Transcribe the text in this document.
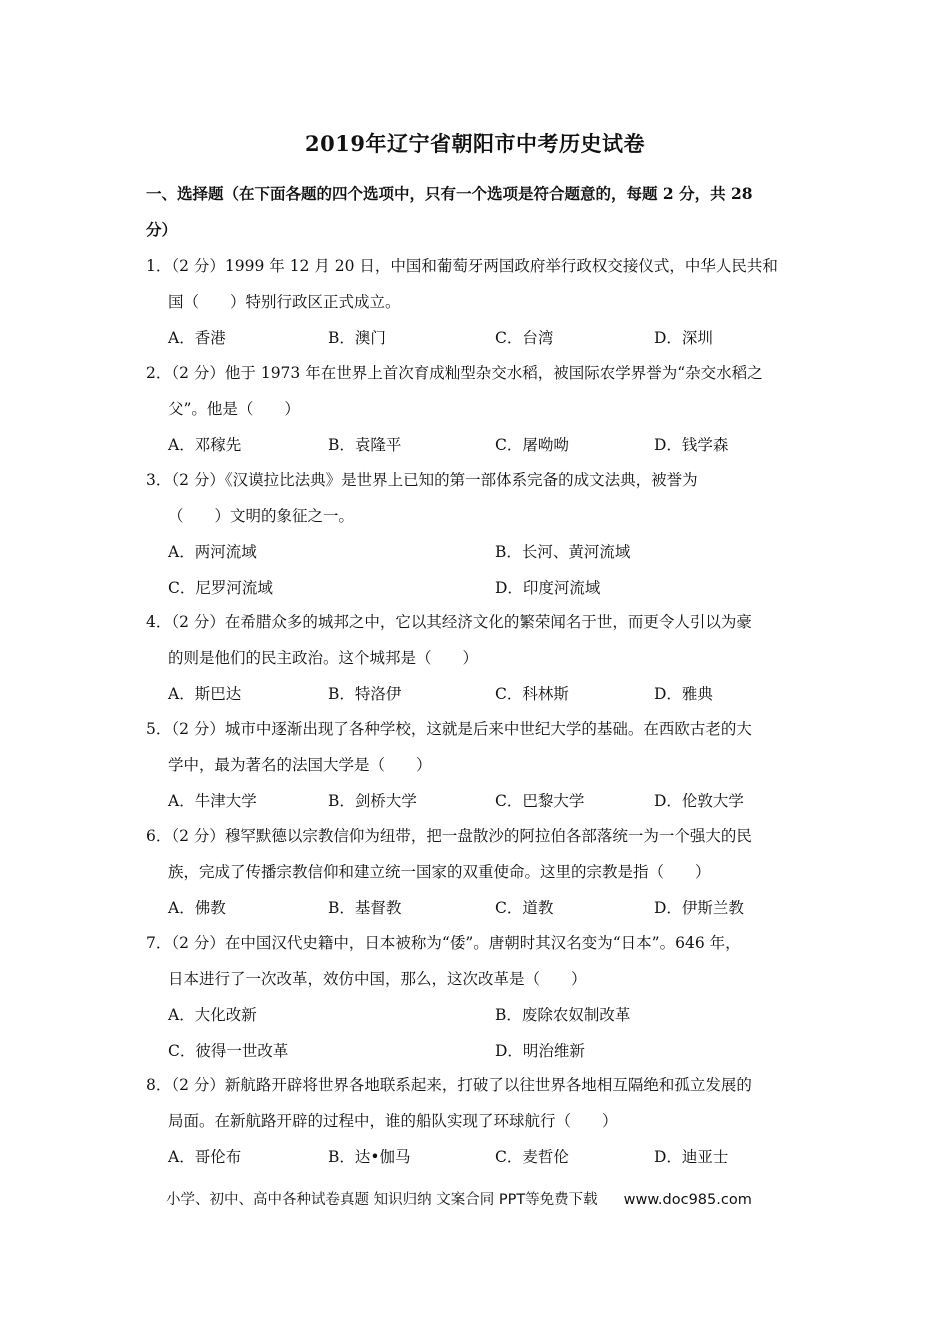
2019年辽宁省朝阳市中考历史试卷
一、选择题（在下面各题的四个选项中，只有一个选项是符合题意的，每题 2 分，共 28
分）
1．（2 分）1999 年 12 月 20 日，中国和葡萄牙两国政府举行政权交接仪式，中华人民共和
国（　　）特别行政区正式成立。
A．香港	B．澳门	C．台湾	D．深圳
2．（2 分）他于 1973 年在世界上首次育成籼型杂交水稻，被国际农学界誉为“杂交水稻之
父”。他是（　　）
A．邓稼先	B．袁隆平	C．屠呦呦	D．钱学森
3．（2 分）《汉谟拉比法典》是世界上已知的第一部体系完备的成文法典，被誉为
（　　）文明的象征之一。
A．两河流域	B．长河、黄河流域
C．尼罗河流域	D．印度河流域
4．（2 分）在希腊众多的城邦之中，它以其经济文化的繁荣闻名于世，而更令人引以为豪
的则是他们的民主政治。这个城邦是（　　）
A．斯巴达	B．特洛伊	C．科林斯	D．雅典
5．（2 分）城市中逐渐出现了各种学校，这就是后来中世纪大学的基础。在西欧古老的大
学中，最为著名的法国大学是（　　）
A．牛津大学	B．剑桥大学	C．巴黎大学	D．伦敦大学
6．（2 分）穆罕默德以宗教信仰为纽带，把一盘散沙的阿拉伯各部落统一为一个强大的民
族，完成了传播宗教信仰和建立统一国家的双重使命。这里的宗教是指（　　）
A．佛教	B．基督教	C．道教	D．伊斯兰教
7．（2 分）在中国汉代史籍中，日本被称为“倭”。唐朝时其汉名变为“日本”。646 年，
日本进行了一次改革，效仿中国，那么，这次改革是（　　）
A．大化改新	B．废除农奴制改革
C．彼得一世改革	D．明治维新
8．（2 分）新航路开辟将世界各地联系起来，打破了以往世界各地相互隔绝和孤立发展的
局面。在新航路开辟的过程中，谁的船队实现了环球航行（　　）
A．哥伦布	B．达•伽马	C．麦哲伦	D．迪亚士
小学、初中、高中各种试卷真题 知识归纳 文案合同 PPT等免费下载 www.doc985.com
